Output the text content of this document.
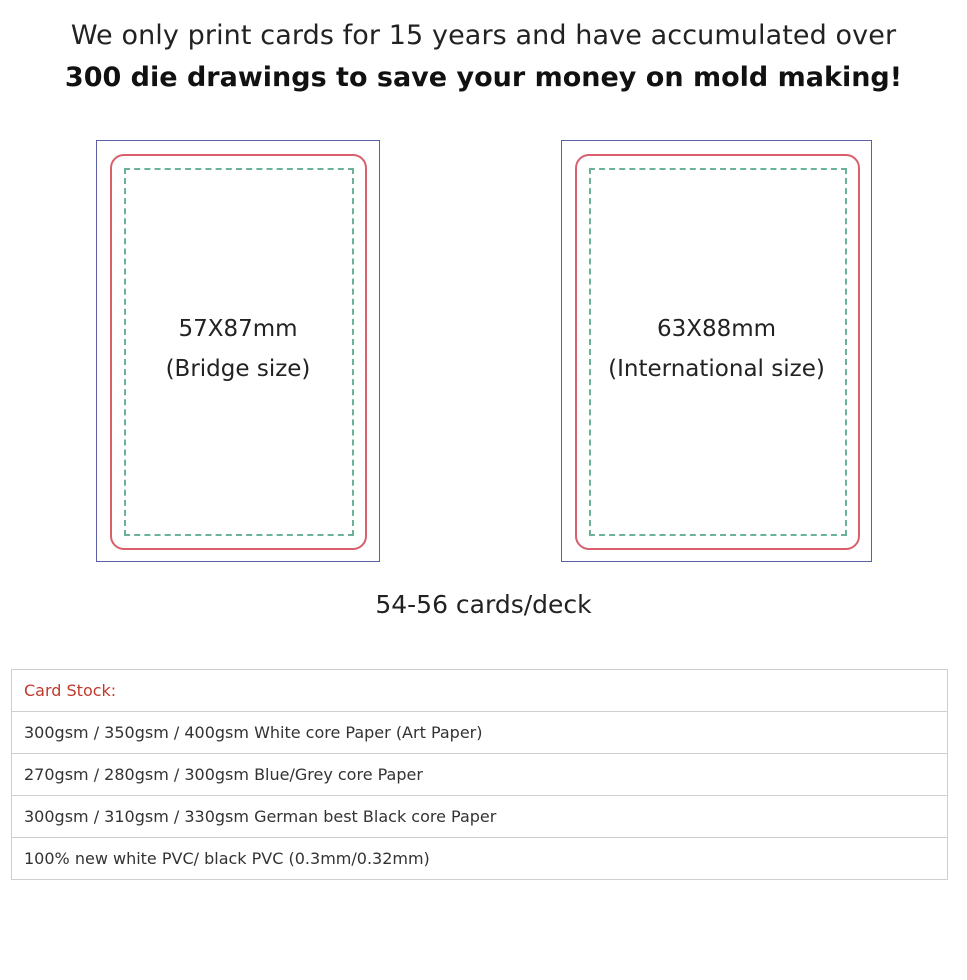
We only print cards for 15 years and have accumulated over
300 die drawings to save your money on mold making!
57X87mm
(Bridge size)
63X88mm
(International size)
54-56 cards/deck
Card Stock:
300gsm / 350gsm / 400gsm White core Paper (Art Paper)
270gsm / 280gsm / 300gsm Blue/Grey core Paper
300gsm / 310gsm / 330gsm German best Black core Paper
100% new white PVC/ black PVC (0.3mm/0.32mm)
